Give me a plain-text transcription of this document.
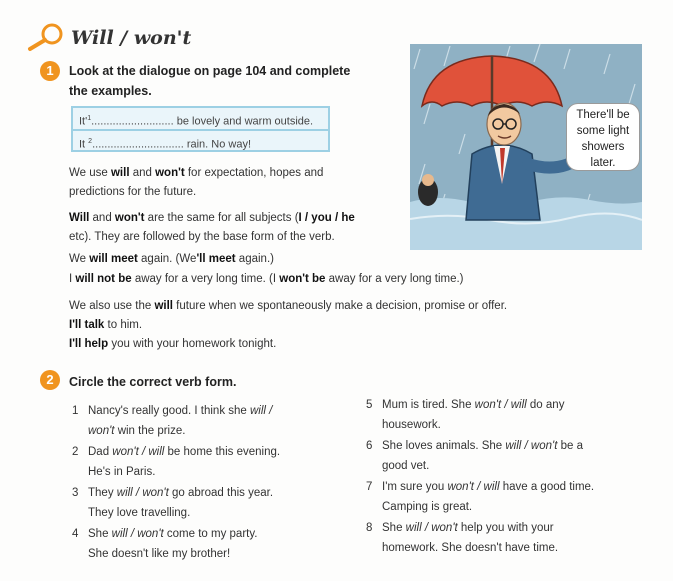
Will / won't
1	Look at the dialogue on page 104 and complete
the examples.
$It'^1$........................... be lovely and warm outside.
It $^2$.............................. rain. No way!
We use will and won't for expectation, hopes and
predictions for the future.
Will and won't are the same for all subjects (I / you / he
etc). They are followed by the base form of the verb.
We will meet again. (We'll meet again.)
I will not be away for a very long time. (I won't be away for a very long time.)
We also use the will future when we spontaneously make a decision, promise or offer.
I'll talk to him.
I'll help you with your homework tonight.
There'll be
some light
showers
later.
2	Circle the correct verb form.
1 Nancy's really good. I think she will /
won't win the prize.
2 Dad won't / will be home this evening.
He's in Paris.
3 They will / won't go abroad this year.
They love travelling.
4 She will / won't come to my party.
She doesn't like my brother!
5 Mum is tired. She won't / will do any
housework.
6 She loves animals. She will / won't be a
good vet.
7 I'm sure you won't / will have a good time.
Camping is great.
8 She will / won't help you with your
homework. She doesn't have time.
